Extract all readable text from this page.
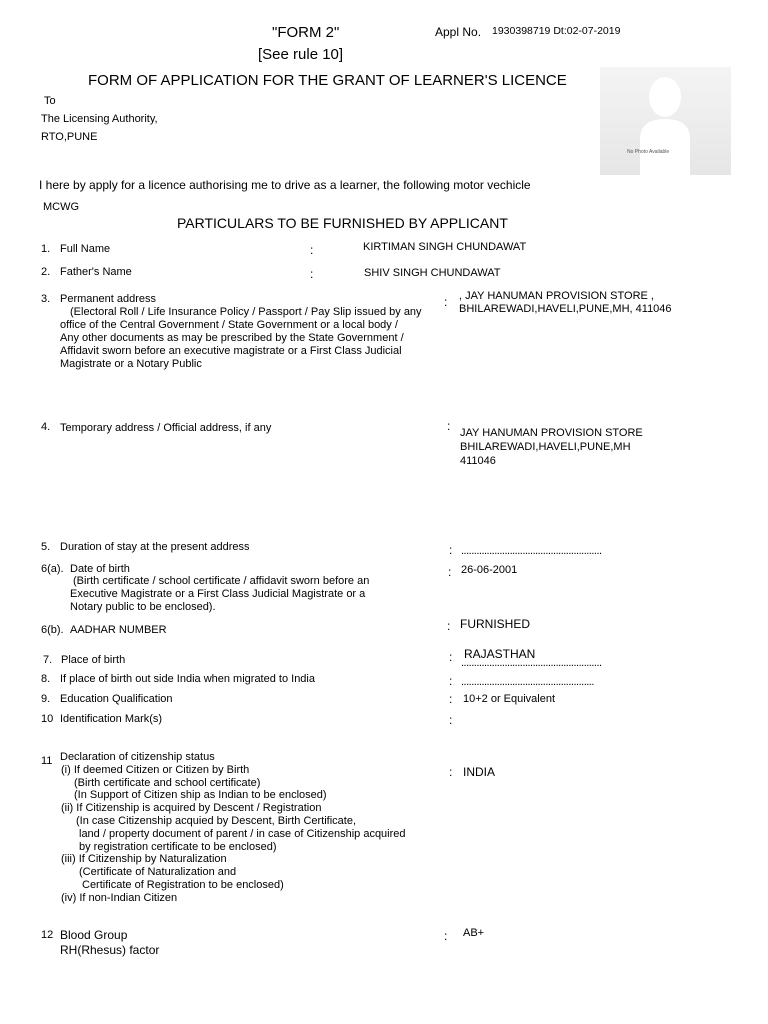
"FORM 2"
[See rule 10]
Appl No. 1930398719 Dt:02-07-2019
FORM OF APPLICATION FOR THE GRANT OF LEARNER'S LICENCE
No Photo Available
To
The Licensing Authority,
RTO,PUNE
I here by apply for a licence authorising me to drive as a learner, the following motor vechicle
MCWG
PARTICULARS TO BE FURNISHED BY APPLICANT
1. Full Name	:	KIRTIMAN SINGH CHUNDAWAT
2. Father's Name	:	SHIV SINGH CHUNDAWAT
3. Permanent address
(Electoral Roll / Life Insurance Policy / Passport / Pay Slip issued by any
office of the Central Government / State Government or a local body /
Any other documents as may be prescribed by the State Government /
Affidavit sworn before an executive magistrate or a First Class Judicial
Magistrate or a Notary Public
: , JAY HANUMAN PROVISION STORE ,
BHILAREWADI,HAVELI,PUNE,MH, 411046
4. Temporary address / Official address, if any	: JAY HANUMAN PROVISION STORE
BHILAREWADI,HAVELI,PUNE,MH
411046
5. Duration of stay at the present address	: .......................................................
6(a). Date of birth
(Birth certificate / school certificate / affidavit sworn before an
Executive Magistrate or a First Class Judicial Magistrate or a
Notary public to be enclosed).
: 26-06-2001
6(b). AADHAR NUMBER	: FURNISHED
7. Place of birth	: RAJASTHAN
.......................................................
8. If place of birth out side India when migrated to India	: ....................................................
9. Education Qualification	: 10+2 or Equivalent
10 Identification Mark(s)	:
11 Declaration of citizenship status
(i) If deemed Citizen or Citizen by Birth
(Birth certificate and school certificate)
(In Support of Citizen ship as Indian to be enclosed)
(ii) If Citizenship is acquired by Descent / Registration
(In case Citizenship acquied by Descent, Birth Certificate,
land / property document of parent / in case of Citizenship acquired
by registration certificate to be enclosed)
(iii) If Citizenship by Naturalization
(Certificate of Naturalization and
Certificate of Registration to be enclosed)
(iv) If non-Indian Citizen
: INDIA
12 Blood Group
RH(Rhesus) factor
: AB+
